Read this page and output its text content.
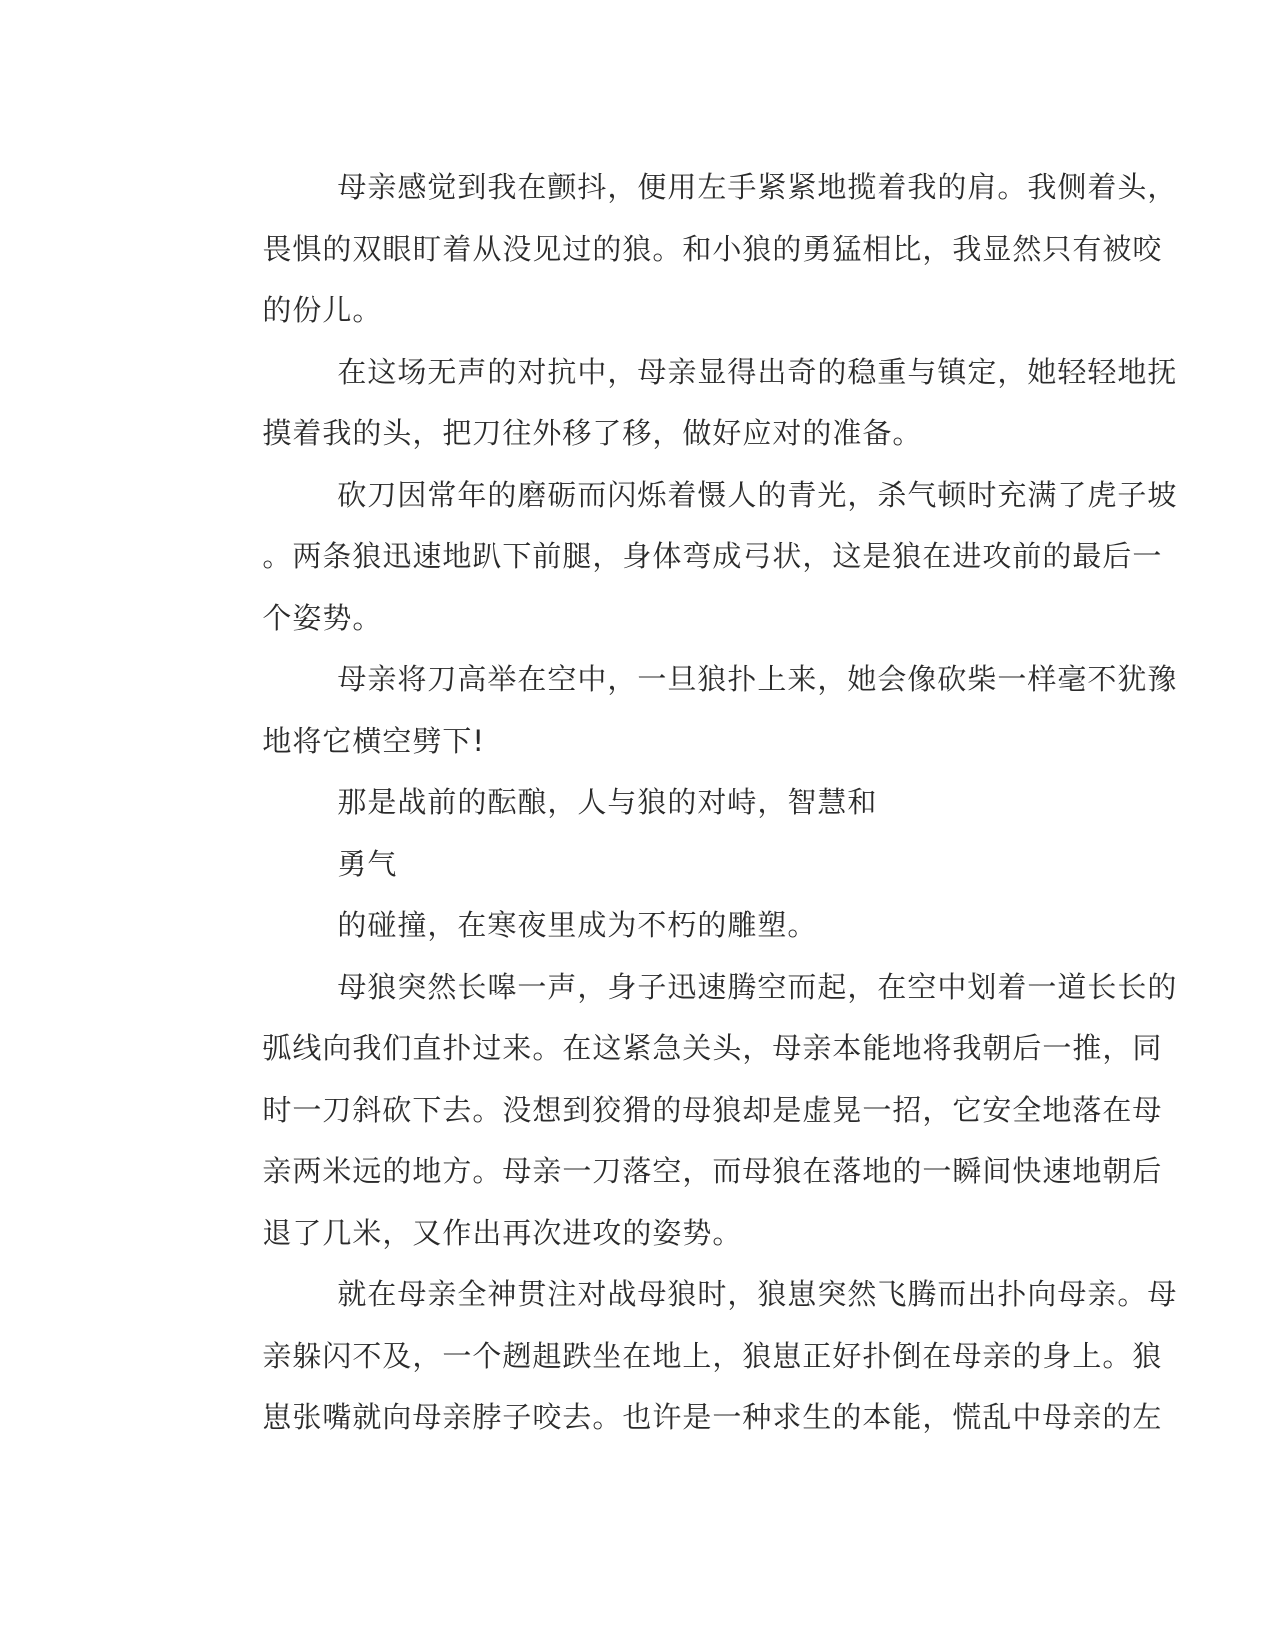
母亲感觉到我在颤抖，便用左手紧紧地揽着我的肩。我侧着头，
畏惧的双眼盯着从没见过的狼。和小狼的勇猛相比，我显然只有被咬
的份儿。
在这场无声的对抗中，母亲显得出奇的稳重与镇定，她轻轻地抚
摸着我的头，把刀往外移了移，做好应对的准备。
砍刀因常年的磨砺而闪烁着慑人的青光，杀气顿时充满了虎子坡
。两条狼迅速地趴下前腿，身体弯成弓状，这是狼在进攻前的最后一
个姿势。
母亲将刀高举在空中，一旦狼扑上来，她会像砍柴一样毫不犹豫
地将它横空劈下!
那是战前的酝酿，人与狼的对峙，智慧和
勇气
的碰撞，在寒夜里成为不朽的雕塑。
母狼突然长嗥一声，身子迅速腾空而起，在空中划着一道长长的
弧线向我们直扑过来。在这紧急关头，母亲本能地将我朝后一推，同
时一刀斜砍下去。没想到狡猾的母狼却是虚晃一招，它安全地落在母
亲两米远的地方。母亲一刀落空，而母狼在落地的一瞬间快速地朝后
退了几米，又作出再次进攻的姿势。
就在母亲全神贯注对战母狼时，狼崽突然飞腾而出扑向母亲。母
亲躲闪不及，一个趔趄跌坐在地上，狼崽正好扑倒在母亲的身上。狼
崽张嘴就向母亲脖子咬去。也许是一种求生的本能，慌乱中母亲的左
